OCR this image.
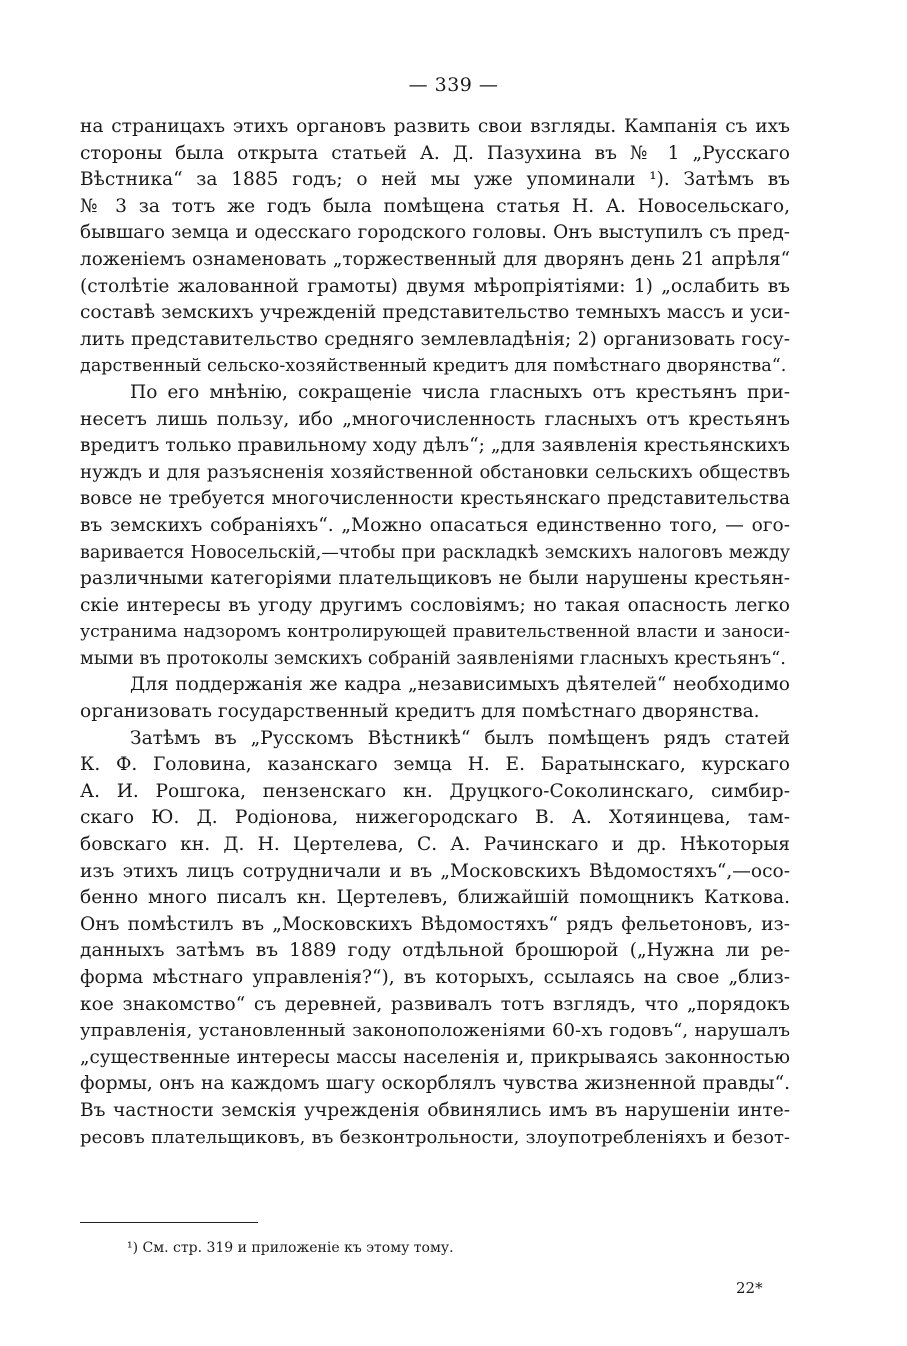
— 339 —
на страницахъ этихъ органовъ развить свои взгляды. Кампанія съ ихъ
стороны была открыта статьей А. Д. Пазухина въ № 1 „Русскаго
Вѣстника“ за 1885 годъ; о ней мы уже упоминали ¹). Затѣмъ въ
№ 3 за тотъ же годъ была помѣщена статья Н. А. Новосельскаго,
бывшаго земца и одесскаго городского головы. Онъ выступилъ съ пред-
ложеніемъ ознаменовать „торжественный для дворянъ день 21 апрѣля“
(столѣтіе жалованной грамоты) двумя мѣропріятіями: 1) „ослабить въ
составѣ земскихъ учрежденій представительство темныхъ массъ и уси-
лить представительство средняго землевладѣнія; 2) организовать госу-
дарственный сельско-хозяйственный кредитъ для помѣстнаго дворянства“.
По его мнѣнію, сокращеніе числа гласныхъ отъ крестьянъ при-
несетъ лишь пользу, ибо „многочисленность гласныхъ отъ крестьянъ
вредитъ только правильному ходу дѣлъ“; „для заявленія крестьянскихъ
нуждъ и для разъясненія хозяйственной обстановки сельскихъ обществъ
вовсе не требуется многочисленности крестьянскаго представительства
въ земскихъ собраніяхъ“. „Можно опасаться единственно того, — ого-
варивается Новосельскій,—чтобы при раскладкѣ земскихъ налоговъ между
различными категоріями плательщиковъ не были нарушены крестьян-
скіе интересы въ угоду другимъ сословіямъ; но такая опасность легко
устранима надзоромъ контролирующей правительственной власти и заноси-
мыми въ протоколы земскихъ собраній заявленіями гласныхъ крестьянъ“.
Для поддержанія же кадра „независимыхъ дѣятелей“ необходимо
организовать государственный кредитъ для помѣстнаго дворянства.
Затѣмъ въ „Русскомъ Вѣстникѣ“ былъ помѣщенъ рядъ статей
К. Ф. Головина, казанскаго земца Н. Е. Баратынскаго, курскаго
А. И. Рошгока, пензенскаго кн. Друцкого-Соколинскаго, симбир-
скаго Ю. Д. Родіонова, нижегородскаго В. А. Хотяинцева, там-
бовскаго кн. Д. Н. Цертелева, С. А. Рачинскаго и др. Нѣкоторыя
изъ этихъ лицъ сотрудничали и въ „Московскихъ Вѣдомостяхъ“,—осо-
бенно много писалъ кн. Цертелевъ, ближайшій помощникъ Каткова.
Онъ помѣстилъ въ „Московскихъ Вѣдомостяхъ“ рядъ фельетоновъ, из-
данныхъ затѣмъ въ 1889 году отдѣльной брошюрой („Нужна ли ре-
форма мѣстнаго управленія?“), въ которыхъ, ссылаясь на свое „близ-
кое знакомство“ съ деревней, развивалъ тотъ взглядъ, что „порядокъ
управленія, установленный законоположеніями 60-хъ годовъ“, нарушалъ
„существенные интересы массы населенія и, прикрываясь законностью
формы, онъ на каждомъ шагу оскорблялъ чувства жизненной правды“.
Въ частности земскія учрежденія обвинялись имъ въ нарушеніи инте-
ресовъ плательщиковъ, въ безконтрольности, злоупотребленіяхъ и безот-
¹) См. стр. 319 и приложеніе къ этому тому.
22*
